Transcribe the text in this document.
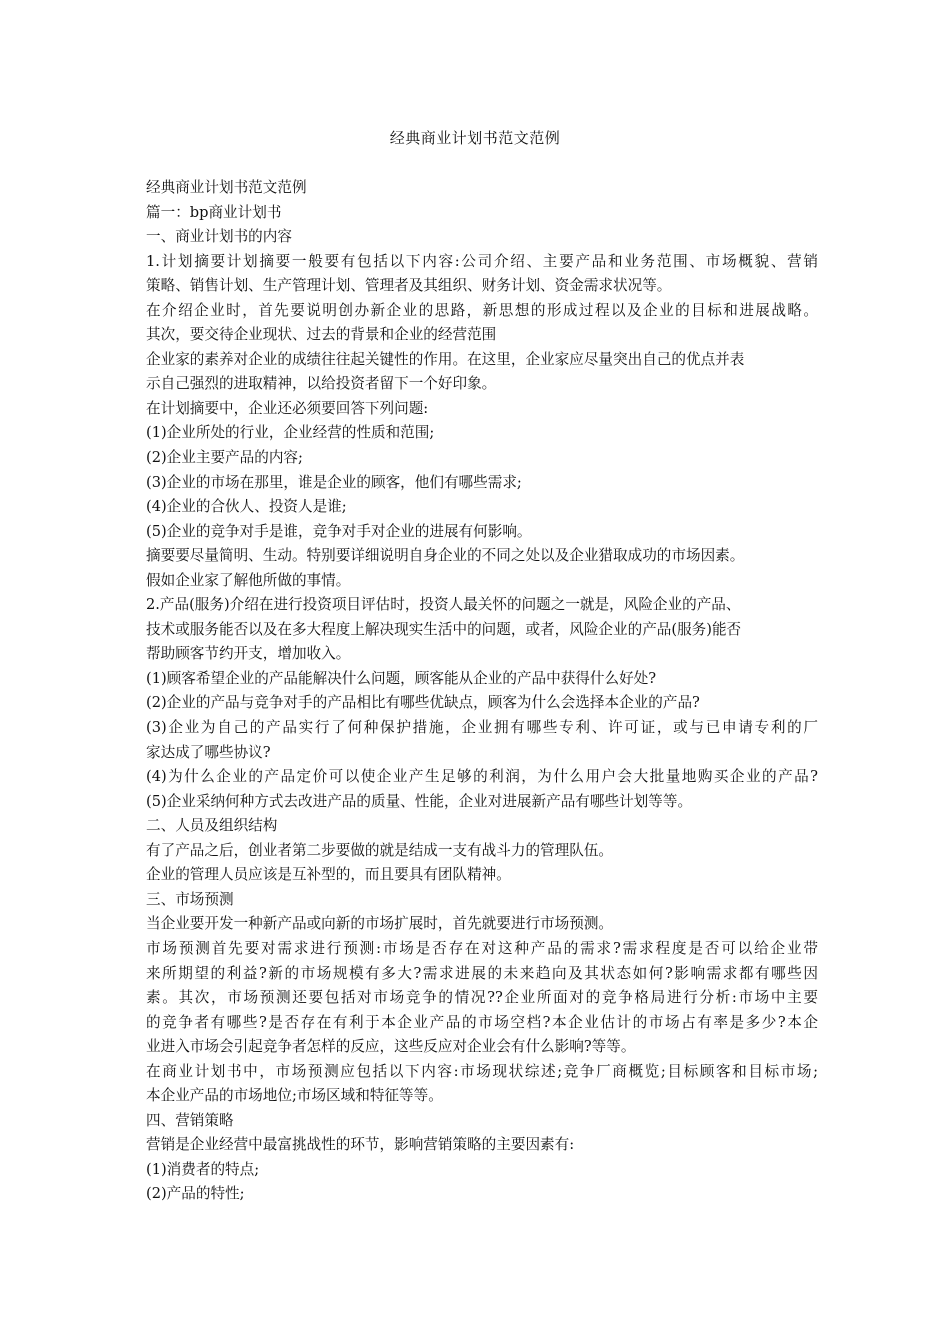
经典商业计划书范文范例
经典商业计划书范文范例
篇一：bp商业计划书
一、商业计划书的内容
1.计划摘要计划摘要一般要有包括以下内容:公司介绍、主要产品和业务范围、市场概貌、营销
策略、销售计划、生产管理计划、管理者及其组织、财务计划、资金需求状况等。
在介绍企业时，首先要说明创办新企业的思路，新思想的形成过程以及企业的目标和进展战略。
其次，要交待企业现状、过去的背景和企业的经营范围
企业家的素养对企业的成绩往往起关键性的作用。在这里，企业家应尽量突出自己的优点并表
示自己强烈的进取精神，以给投资者留下一个好印象。
在计划摘要中，企业还必须要回答下列问题:
(1)企业所处的行业，企业经营的性质和范围;
(2)企业主要产品的内容;
(3)企业的市场在那里，谁是企业的顾客，他们有哪些需求;
(4)企业的合伙人、投资人是谁;
(5)企业的竞争对手是谁，竞争对手对企业的进展有何影响。
摘要要尽量简明、生动。特别要详细说明自身企业的不同之处以及企业猎取成功的市场因素。
假如企业家了解他所做的事情。
2.产品(服务)介绍在进行投资项目评估时，投资人最关怀的问题之一就是，风险企业的产品、
技术或服务能否以及在多大程度上解决现实生活中的问题，或者，风险企业的产品(服务)能否
帮助顾客节约开支，增加收入。
(1)顾客希望企业的产品能解决什么问题，顾客能从企业的产品中获得什么好处?
(2)企业的产品与竞争对手的产品相比有哪些优缺点，顾客为什么会选择本企业的产品?
(3)企业为自己的产品实行了何种保护措施，企业拥有哪些专利、许可证，或与已申请专利的厂
家达成了哪些协议?
(4)为什么企业的产品定价可以使企业产生足够的利润，为什么用户会大批量地购买企业的产品?
(5)企业采纳何种方式去改进产品的质量、性能，企业对进展新产品有哪些计划等等。
二、人员及组织结构
有了产品之后，创业者第二步要做的就是结成一支有战斗力的管理队伍。
企业的管理人员应该是互补型的，而且要具有团队精神。
三、市场预测
当企业要开发一种新产品或向新的市场扩展时，首先就要进行市场预测。
市场预测首先要对需求进行预测:市场是否存在对这种产品的需求?需求程度是否可以给企业带
来所期望的利益?新的市场规模有多大?需求进展的未来趋向及其状态如何?影响需求都有哪些因
素。其次，市场预测还要包括对市场竞争的情况??企业所面对的竞争格局进行分析:市场中主要
的竞争者有哪些?是否存在有利于本企业产品的市场空档?本企业估计的市场占有率是多少?本企
业进入市场会引起竞争者怎样的反应，这些反应对企业会有什么影响?等等。
在商业计划书中，市场预测应包括以下内容:市场现状综述;竞争厂商概览;目标顾客和目标市场;
本企业产品的市场地位;市场区域和特征等等。
四、营销策略
营销是企业经营中最富挑战性的环节，影响营销策略的主要因素有:
(1)消费者的特点;
(2)产品的特性;
